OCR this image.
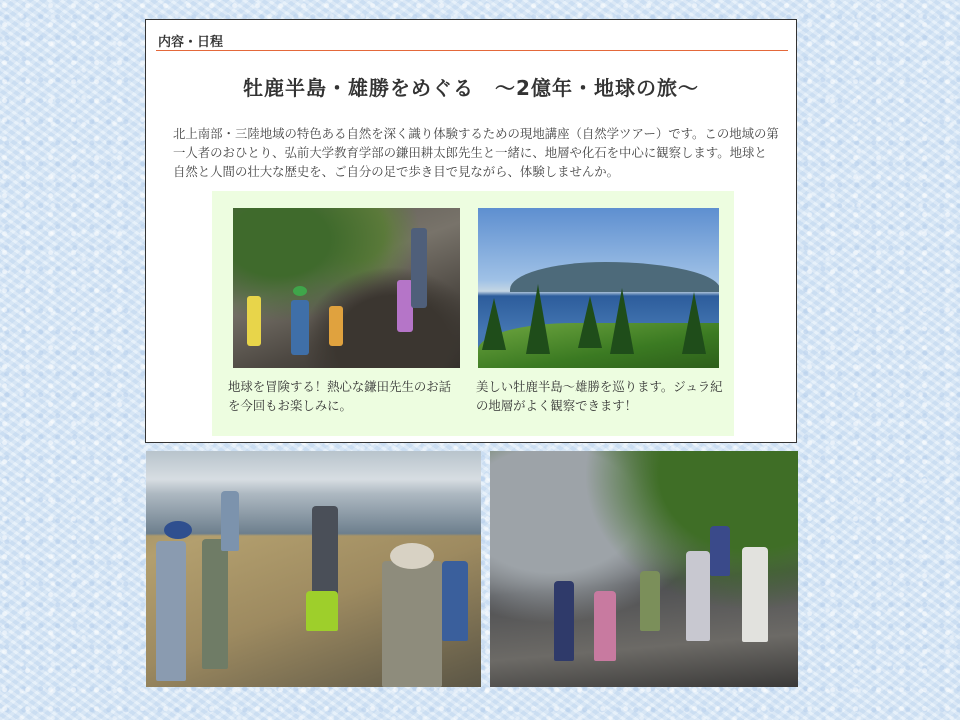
内容・日程
牡鹿半島・雄勝をめぐる　～2億年・地球の旅～
北上南部・三陸地域の特色ある自然を深く識り体験するための現地講座（自然学ツアー）です。この地域の第一人者のおひとり、弘前大学教育学部の鎌田耕太郎先生と一緒に、地層や化石を中心に観察します。地球と自然と人間の壮大な歴史を、ご自分の足で歩き目で見ながら、体験しませんか。
地球を冒険する！熱心な鎌田先生のお話を今回もお楽しみに。
美しい牡鹿半島～雄勝を巡ります。ジュラ紀の地層がよく観察できます！
